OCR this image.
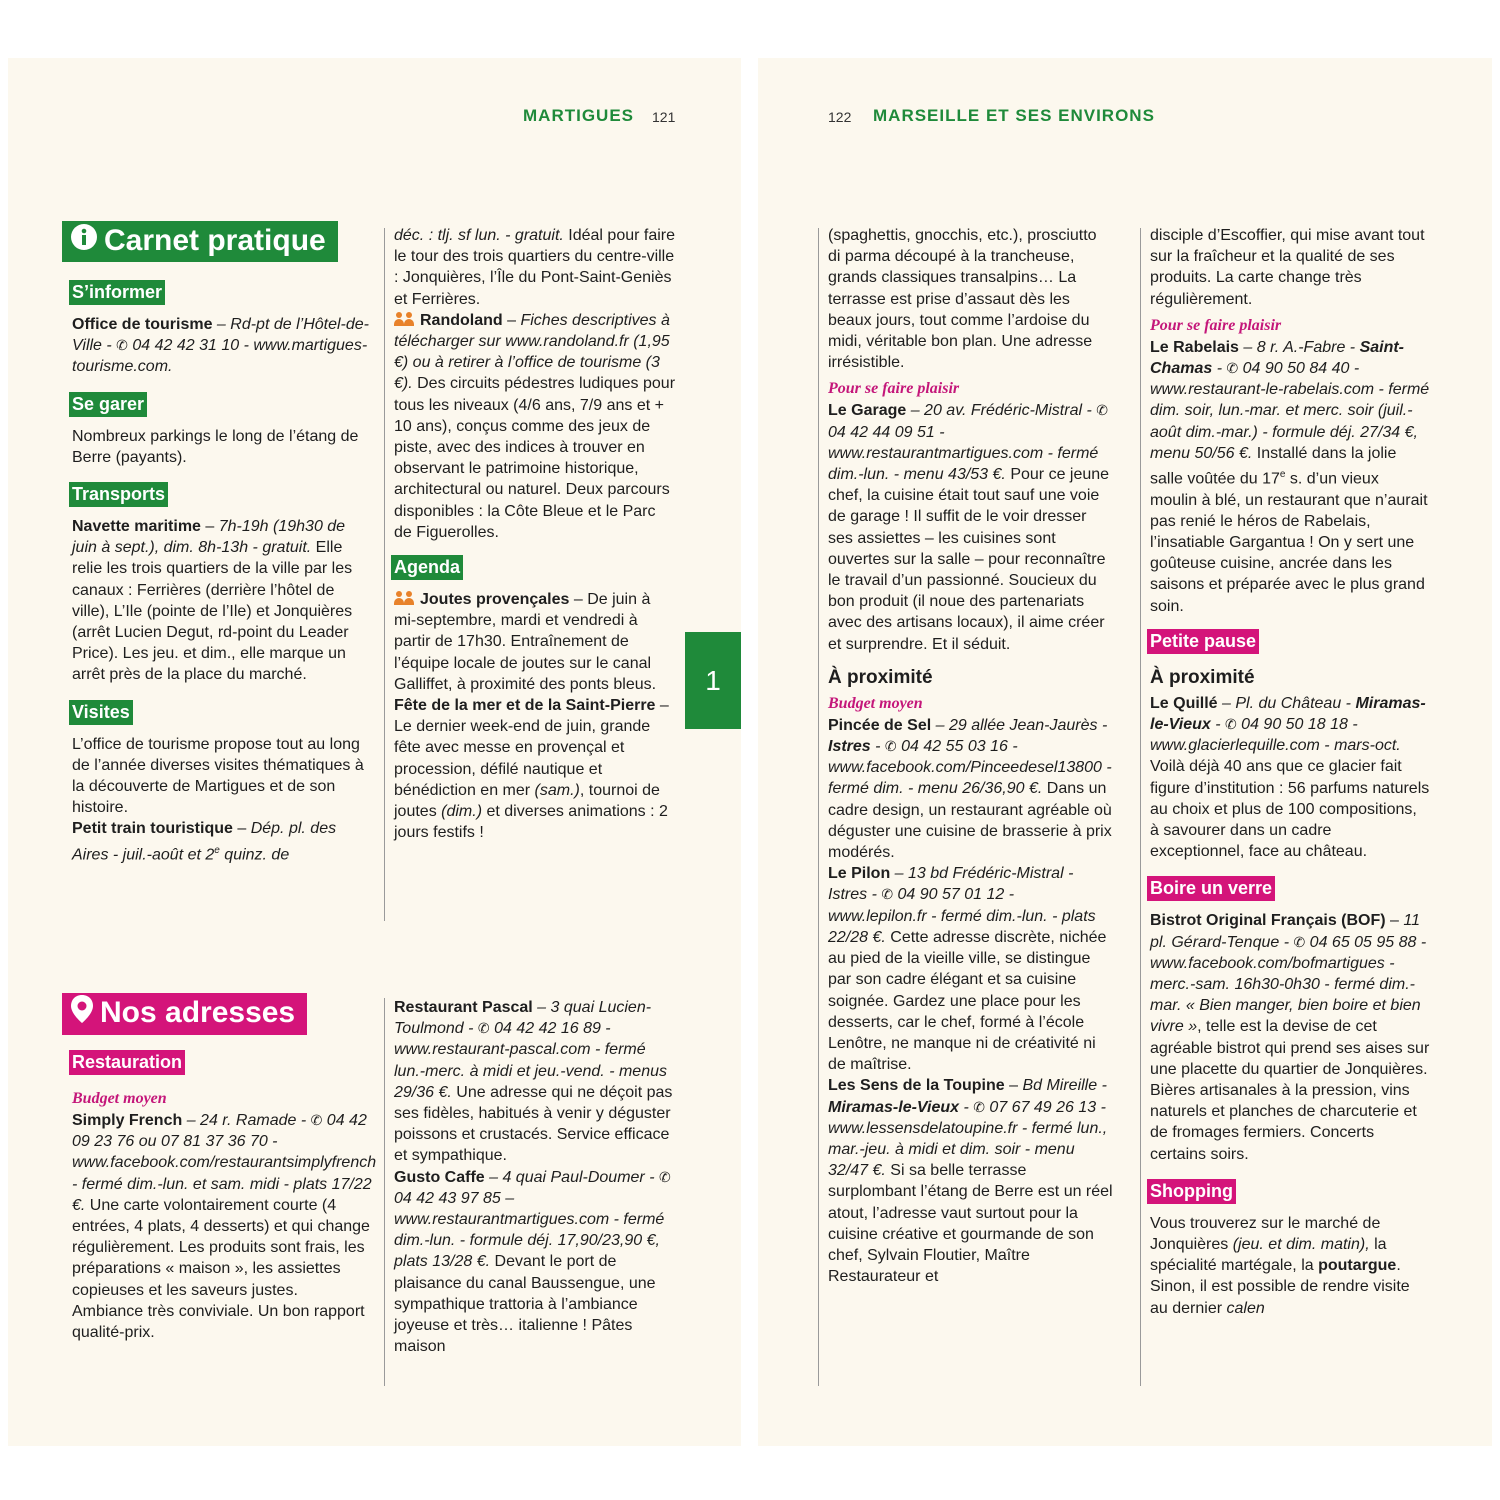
MARTIGUES 121	122 MARSEILLE ET SES ENVIRONS
Carnet pratique
S’informer

Office de tourisme – Rd-pt de l’Hôtel-de-Ville - ✆ 04 42 42 31 10 - www.martigues-tourisme.com.

Se garer

Nombreux parkings le long de l’étang de Berre (payants).

Transports

Navette maritime – 7h-19h (19h30 de juin à sept.), dim. 8h-13h - gratuit. Elle relie les trois quartiers de la ville par les canaux : Ferrières (derrière l’hôtel de ville), L’Ile (pointe de l’Ile) et Jonquières (arrêt Lucien Degut, rd-point du Leader Price). Les jeu. et dim., elle marque un arrêt près de la place du marché.

Visites

L’office de tourisme propose tout au long de l’année diverses visites thématiques à la découverte de Martigues et de son histoire.

Petit train touristique – Dép. pl. des Aires - juil.-août et 2e quinz. de

déc. : tlj. sf lun. - gratuit. Idéal pour faire le tour des trois quartiers du centre-ville : Jonquières, l’Île du Pont-Saint-Geniès et Ferrières.

Randoland – Fiches descriptives à télécharger sur www.randoland.fr (1,95 €) ou à retirer à l’office de tourisme (3 €). Des circuits pédestres ludiques pour tous les niveaux (4/6 ans, 7/9 ans et + 10 ans), conçus comme des jeux de piste, avec des indices à trouver en observant le patrimoine historique, architectural ou naturel. Deux parcours disponibles : la Côte Bleue et le Parc de Figuerolles.

Agenda

Joutes provençales – De juin à mi-septembre, mardi et vendredi à partir de 17h30. Entraînement de l’équipe locale de joutes sur le canal Galliffet, à proximité des ponts bleus.

Fête de la mer et de la Saint-Pierre – Le dernier week-end de juin, grande fête avec messe en provençal et procession, défilé nautique et bénédiction en mer (sam.), tournoi de joutes (dim.) et diverses animations : 2 jours festifs !

Nos adresses
Restauration
Budget moyen

Simply French – 24 r. Ramade - ✆ 04 42 09 23 76 ou 07 81 37 36 70 - www.facebook.com/restaurantsimplyfrench - fermé dim.-lun. et sam. midi - plats 17/22 €. Une carte volontairement courte (4 entrées, 4 plats, 4 desserts) et qui change régulièrement. Les produits sont frais, les préparations « maison », les assiettes copieuses et les saveurs justes. Ambiance très conviviale. Un bon rapport qualité-prix.

Restaurant Pascal – 3 quai Lucien-Toulmond - ✆ 04 42 42 16 89 - www.restaurant-pascal.com - fermé lun.-merc. à midi et jeu.-vend. - menus 29/36 €. Une adresse qui ne déçoit pas ses fidèles, habitués à venir y déguster poissons et crustacés. Service efficace et sympathique.

Gusto Caffe – 4 quai Paul-Doumer - ✆ 04 42 43 97 85 – www.restaurantmartigues.com - fermé dim.-lun. - formule déj. 17,90/23,90 €, plats 13/28 €. Devant le port de plaisance du canal Baussengue, une sympathique trattoria à l’ambiance joyeuse et très… italienne ! Pâtes maison

1

(spaghettis, gnocchis, etc.), prosciutto di parma découpé à la trancheuse, grands classiques transalpins… La terrasse est prise d’assaut dès les beaux jours, tout comme l’ardoise du midi, véritable bon plan. Une adresse irrésistible.

Pour se faire plaisir

Le Garage – 20 av. Frédéric-Mistral - ✆ 04 42 44 09 51 - www.restaurantmartigues.com - fermé dim.-lun. - menu 43/53 €. Pour ce jeune chef, la cuisine était tout sauf une voie de garage ! Il suffit de le voir dresser ses assiettes – les cuisines sont ouvertes sur la salle – pour reconnaître le travail d’un passionné. Soucieux du bon produit (il noue des partenariats avec des artisans locaux), il aime créer et surprendre. Et il séduit.

À proximité
Budget moyen

Pincée de Sel – 29 allée Jean-Jaurès - Istres - ✆ 04 42 55 03 16 - www.facebook.com/Pinceedesel13800 - fermé dim. - menu 26/36,90 €. Dans un cadre design, un restaurant agréable où déguster une cuisine de brasserie à prix modérés.

Le Pilon – 13 bd Frédéric-Mistral - Istres - ✆ 04 90 57 01 12 - www.lepilon.fr - fermé dim.-lun. - plats 22/28 €. Cette adresse discrète, nichée au pied de la vieille ville, se distingue par son cadre élégant et sa cuisine soignée. Gardez une place pour les desserts, car le chef, formé à l’école Lenôtre, ne manque ni de créativité ni de maîtrise.

Les Sens de la Toupine – Bd Mireille - Miramas-le-Vieux - ✆ 07 67 49 26 13 - www.lessensdelatoupine.fr - fermé lun., mar.-jeu. à midi et dim. soir - menu 32/47 €. Si sa belle terrasse surplombant l’étang de Berre est un réel atout, l’adresse vaut surtout pour la cuisine créative et gourmande de son chef, Sylvain Floutier, Maître Restaurateur et

disciple d’Escoffier, qui mise avant tout sur la fraîcheur et la qualité de ses produits. La carte change très régulièrement.

Pour se faire plaisir

Le Rabelais – 8 r. A.-Fabre - Saint-Chamas - ✆ 04 90 50 84 40 - www.restaurant-le-rabelais.com - fermé dim. soir, lun.-mar. et merc. soir (juil.-août dim.-mar.) - formule déj. 27/34 €, menu 50/56 €. Installé dans la jolie salle voûtée du 17e s. d’un vieux moulin à blé, un restaurant que n’aurait pas renié le héros de Rabelais, l’insatiable Gargantua ! On y sert une goûteuse cuisine, ancrée dans les saisons et préparée avec le plus grand soin.

Petite pause
À proximité

Le Quillé – Pl. du Château - Miramas-le-Vieux - ✆ 04 90 50 18 18 - www.glacierlequille.com - mars-oct. Voilà déjà 40 ans que ce glacier fait figure d’institution : 56 parfums naturels au choix et plus de 100 compositions, à savourer dans un cadre exceptionnel, face au château.

Boire un verre

Bistrot Original Français (BOF) – 11 pl. Gérard-Tenque - ✆ 04 65 05 95 88 - www.facebook.com/bofmartigues - merc.-sam. 16h30-0h30 - fermé dim.-mar. « Bien manger, bien boire et bien vivre », telle est la devise de cet agréable bistrot qui prend ses aises sur une placette du quartier de Jonquières. Bières artisanales à la pression, vins naturels et planches de charcuterie et de fromages fermiers. Concerts certains soirs.

Shopping

Vous trouverez sur le marché de Jonquières (jeu. et dim. matin), la spécialité martégale, la poutargue. Sinon, il est possible de rendre visite au dernier calen
